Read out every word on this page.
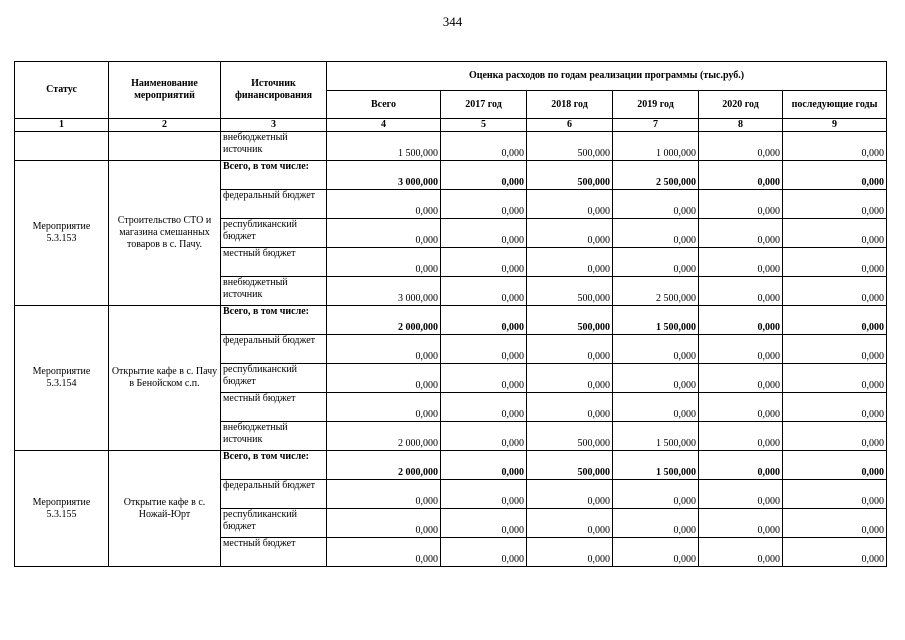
344
Статус	Наименование мероприятий	Источник финансирования	Оценка расходов по годам реализации программы (тыс.руб.)					
			Всего	2017 год	2018 год	2019 год	2020 год	последующие годы
1	2	3	4	5	6	7	8	9
		внебюджетный источник	1 500,000	0,000	500,000	1 000,000	0,000	0,000
Мероприятие 5.3.153	Строительство СТО и магазина смешанных товаров в с. Пачу.	Всего, в том числе:	3 000,000	0,000	500,000	2 500,000	0,000	0,000
		федеральный бюджет	0,000	0,000	0,000	0,000	0,000	0,000
		республиканский бюджет	0,000	0,000	0,000	0,000	0,000	0,000
		местный бюджет	0,000	0,000	0,000	0,000	0,000	0,000
		внебюджетный источник	3 000,000	0,000	500,000	2 500,000	0,000	0,000
Мероприятие 5.3.154	Открытие кафе в с. Пачу в Бенойском с.п.	Всего, в том числе:	2 000,000	0,000	500,000	1 500,000	0,000	0,000
		федеральный бюджет	0,000	0,000	0,000	0,000	0,000	0,000
		республиканский бюджет	0,000	0,000	0,000	0,000	0,000	0,000
		местный бюджет	0,000	0,000	0,000	0,000	0,000	0,000
		внебюджетный источник	2 000,000	0,000	500,000	1 500,000	0,000	0,000
Мероприятие 5.3.155	Открытие кафе в с. Ножай-Юрт	Всего, в том числе:	2 000,000	0,000	500,000	1 500,000	0,000	0,000
		федеральный бюджет	0,000	0,000	0,000	0,000	0,000	0,000
		республиканский бюджет	0,000	0,000	0,000	0,000	0,000	0,000
		местный бюджет	0,000	0,000	0,000	0,000	0,000	0,000
